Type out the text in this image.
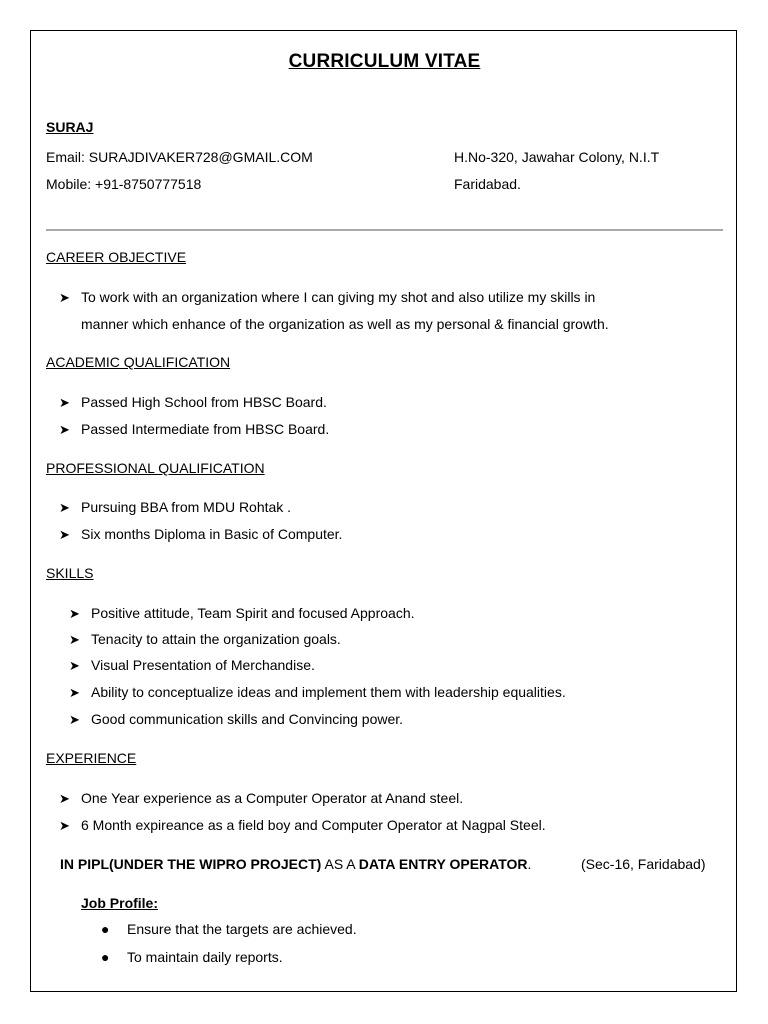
CURRICULUM VITAE
SURAJ
Email: SURAJDIVAKER728@GMAIL.COM
Mobile: +91-8750777518
H.No-320, Jawahar Colony, N.I.T
Faridabad.
CAREER OBJECTIVE
➤ To work with an organization where I can giving my shot and also utilize my skills in
manner which enhance of the organization as well as my personal & financial growth.
ACADEMIC QUALIFICATION
➤ Passed High School from HBSC Board.
➤ Passed Intermediate from HBSC Board.
PROFESSIONAL QUALIFICATION
➤ Pursuing BBA from MDU Rohtak .
➤ Six months Diploma in Basic of Computer.
SKILLS
➤ Positive attitude, Team Spirit and focused Approach.
➤ Tenacity to attain the organization goals.
➤ Visual Presentation of Merchandise.
➤ Ability to conceptualize ideas and implement them with leadership equalities.
➤ Good communication skills and Convincing power.
EXPERIENCE
➤ One Year experience as a Computer Operator at Anand steel.
➤ 6 Month expireance as a field boy and Computer Operator at Nagpal Steel.
IN PIPL(UNDER THE WIPRO PROJECT) AS A DATA ENTRY OPERATOR.	(Sec-16, Faridabad)
Job Profile:
● Ensure that the targets are achieved.
● To maintain daily reports.
